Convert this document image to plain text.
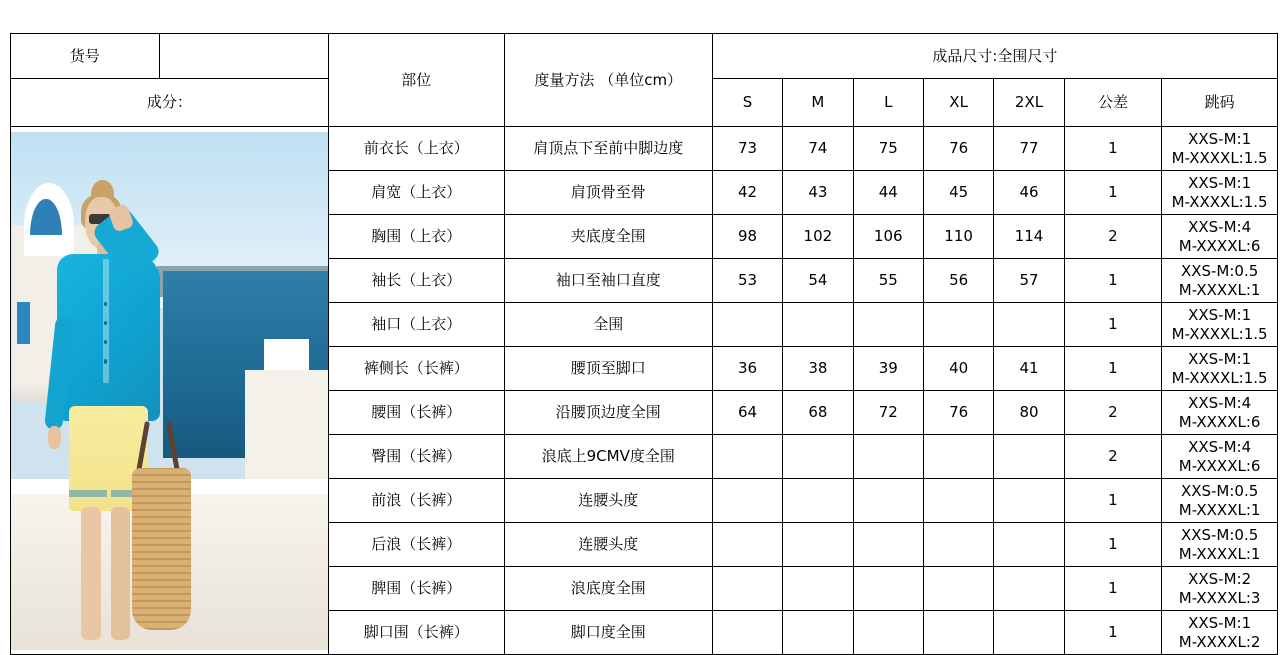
货号		部位	度量方法 （单位cm）	成品尺寸:全围尺寸						
成分：				S	M	L	XL	2XL	公差	跳码

		前衣长（上衣）	肩顶点下至前中脚边度	73	74	75	76	77	1	XXS-M:1
M-XXXXL:1.5

		肩宽（上衣）	肩顶骨至骨	42	43	44	45	46	1	XXS-M:1
M-XXXXL:1.5

		胸围（上衣）	夹底度全围	98	102	106	110	114	2	XXS-M:4
M-XXXXL:6

		袖长（上衣）	袖口至袖口直度	53	54	55	56	57	1	XXS-M:0.5
M-XXXXL:1

		袖口（上衣）	全围						1	XXS-M:1
M-XXXXL:1.5

		裤侧长（长裤）	腰顶至脚口	36	38	39	40	41	1	XXS-M:1
M-XXXXL:1.5

		腰围（长裤）	沿腰顶边度全围	64	68	72	76	80	2	XXS-M:4
M-XXXXL:6

		臀围（长裤）	浪底上9CMV度全围						2	XXS-M:4
M-XXXXL:6

		前浪（长裤）	连腰头度						1	XXS-M:0.5
M-XXXXL:1

		后浪（长裤）	连腰头度						1	XXS-M:0.5
M-XXXXL:1

		脾围（长裤）	浪底度全围						1	XXS-M:2
M-XXXXL:3

		脚口围（长裤）	脚口度全围						1	XXS-M:1
M-XXXXL:2
